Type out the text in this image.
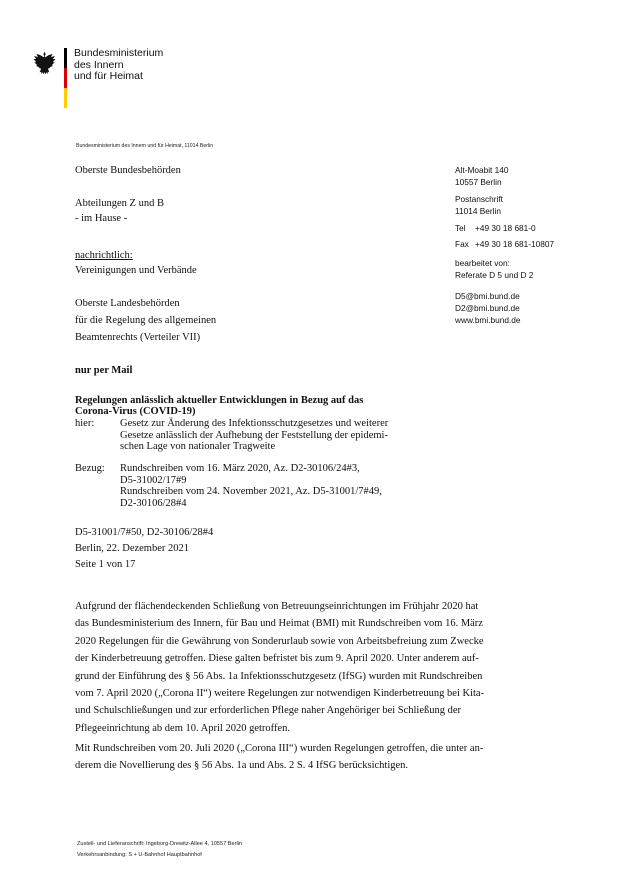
Bundesministerium
des Innern
und für Heimat
Bundesministerium des Innern und für Heimat, 11014 Berlin
Oberste Bundesbehörden
Abteilungen Z und B
- im Hause -
nachrichtlich:
Vereinigungen und Verbände
Oberste Landesbehörden
für die Regelung des allgemeinen
Beamtenrechts (Verteiler VII)
Alt-Moabit 140
10557 Berlin
Postanschrift
11014 Berlin
Tel +49 30 18 681-0
Fax +49 30 18 681-10807
bearbeitet von:
Referate D 5 und D 2
D5@bmi.bund.de
D2@bmi.bund.de
www.bmi.bund.de
nur per Mail
Regelungen anlässlich aktueller Entwicklungen in Bezug auf das
Corona-Virus (COVID-19)
hier: Gesetz zur Änderung des Infektionsschutzgesetzes und weiterer
Gesetze anlässlich der Aufhebung der Feststellung der epidemi-
schen Lage von nationaler Tragweite
Bezug: Rundschreiben vom 16. März 2020, Az. D2-30106/24#3,
D5-31002/17#9
Rundschreiben vom 24. November 2021, Az. D5-31001/7#49,
D2-30106/28#4
D5-31001/7#50, D2-30106/28#4
Berlin, 22. Dezember 2021
Seite 1 von 17
Aufgrund der flächendeckenden Schließung von Betreuungseinrichtungen im Frühjahr 2020 hat
das Bundesministerium des Innern, für Bau und Heimat (BMI) mit Rundschreiben vom 16. März
2020 Regelungen für die Gewährung von Sonderurlaub sowie von Arbeitsbefreiung zum Zwecke
der Kinderbetreuung getroffen. Diese galten befristet bis zum 9. April 2020. Unter anderem auf-
grund der Einführung des § 56 Abs. 1a Infektionsschutzgesetz (IfSG) wurden mit Rundschreiben
vom 7. April 2020 („Corona II“) weitere Regelungen zur notwendigen Kinderbetreuung bei Kita-
und Schulschließungen und zur erforderlichen Pflege naher Angehöriger bei Schließung der
Pflegeeinrichtung ab dem 10. April 2020 getroffen.
Mit Rundschreiben vom 20. Juli 2020 („Corona III“) wurden Regelungen getroffen, die unter an-
derem die Novellierung des § 56 Abs. 1a und Abs. 2 S. 4 IfSG berücksichtigen.
Zustell- und Lieferanschrift: Ingeborg-Drewitz-Allee 4, 10557 Berlin
Verkehrsanbindung: S + U-Bahnhof Hauptbahnhof
